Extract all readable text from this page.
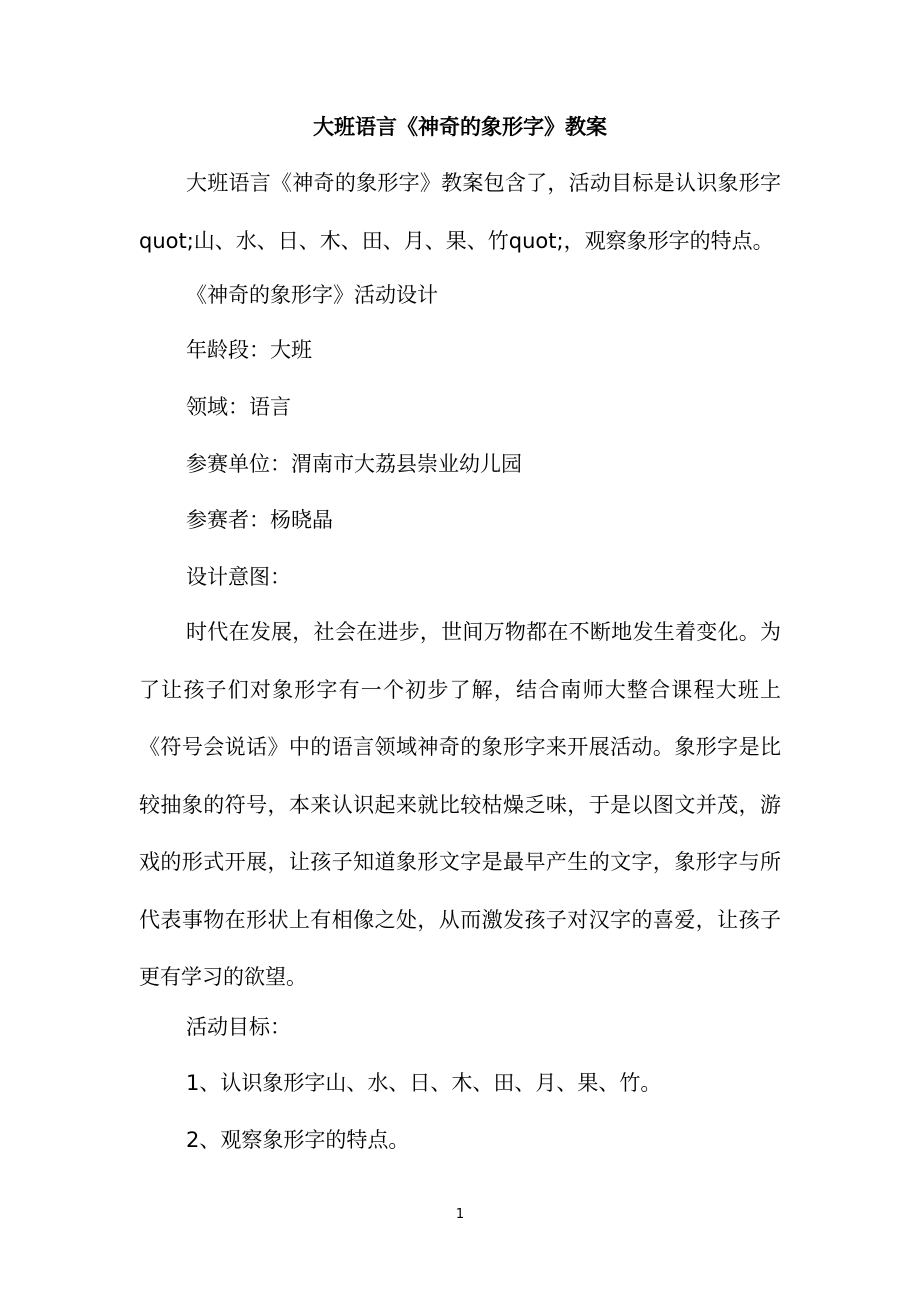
大班语言《神奇的象形字》教案

大班语言《神奇的象形字》教案包含了，活动目标是认识象形字quot;山、水、日、木、田、月、果、竹quot;，观察象形字的特点。

《神奇的象形字》活动设计

年龄段：大班

领域：语言

参赛单位：渭南市大荔县崇业幼儿园

参赛者：杨晓晶

设计意图：

时代在发展，社会在进步，世间万物都在不断地发生着变化。为了让孩子们对象形字有一个初步了解，结合南师大整合课程大班上《符号会说话》中的语言领域神奇的象形字来开展活动。象形字是比较抽象的符号，本来认识起来就比较枯燥乏味，于是以图文并茂，游戏的形式开展，让孩子知道象形文字是最早产生的文字，象形字与所代表事物在形状上有相像之处，从而激发孩子对汉字的喜爱，让孩子更有学习的欲望。

活动目标：

1、认识象形字山、水、日、木、田、月、果、竹。

2、观察象形字的特点。

1
